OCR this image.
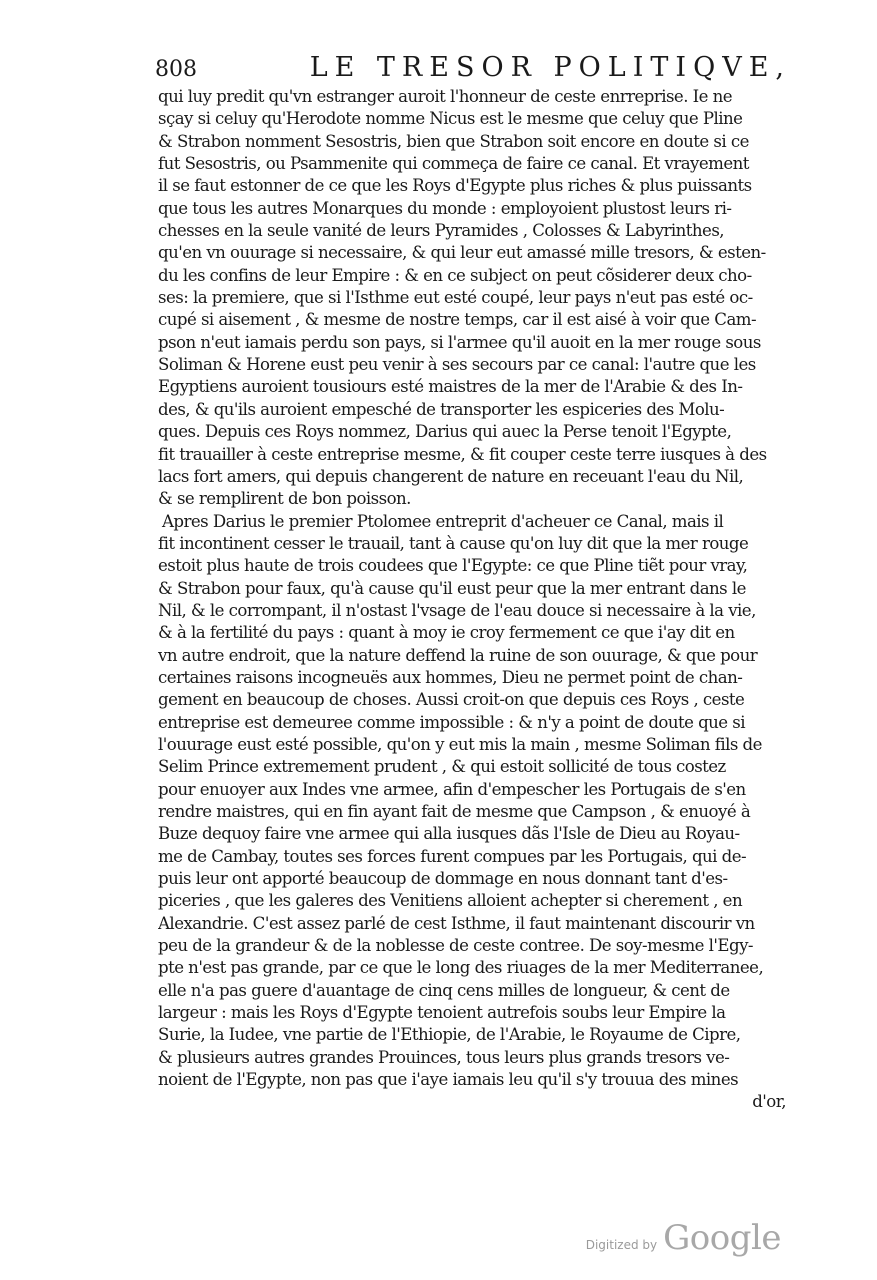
808	LE TRESOR POLITIQVE,
qui luy predit qu'vn estranger auroit l'honneur de ceste enrreprise. Ie ne
sçay si celuy qu'Herodote nomme Nicus est le mesme que celuy que Pline
& Strabon nomment Sesostris, bien que Strabon soit encore en doute si ce
fut Sesostris, ou Psammenite qui commeça de faire ce canal. Et vrayement
il se faut estonner de ce que les Roys d'Egypte plus riches & plus puissants
que tous les autres Monarques du monde : employoient plustost leurs ri-
chesses en la seule vanité de leurs Pyramides , Colosses & Labyrinthes,
qu'en vn ouurage si necessaire, & qui leur eut amassé mille tresors, & esten-
du les confins de leur Empire : & en ce subject on peut cõsiderer deux cho-
ses: la premiere, que si l'Isthme eut esté coupé, leur pays n'eut pas esté oc-
cupé si aisement , & mesme de nostre temps, car il est aisé à voir que Cam-
pson n'eut iamais perdu son pays, si l'armee qu'il auoit en la mer rouge sous
Soliman & Horene eust peu venir à ses secours par ce canal: l'autre que les
Egyptiens auroient tousiours esté maistres de la mer de l'Arabie & des In-
des, & qu'ils auroient empesché de transporter les espiceries des Molu-
ques. Depuis ces Roys nommez, Darius qui auec la Perse tenoit l'Egypte,
fit trauailler à ceste entreprise mesme, & fit couper ceste terre iusques à des
lacs fort amers, qui depuis changerent de nature en receuant l'eau du Nil,
& se remplirent de bon poisson.
Apres Darius le premier Ptolomee entreprit d'acheuer ce Canal, mais il
fit incontinent cesser le trauail, tant à cause qu'on luy dit que la mer rouge
estoit plus haute de trois coudees que l'Egypte: ce que Pline tiẽt pour vray,
& Strabon pour faux, qu'à cause qu'il eust peur que la mer entrant dans le
Nil, & le corrompant, il n'ostast l'vsage de l'eau douce si necessaire à la vie,
& à la fertilité du pays : quant à moy ie croy fermement ce que i'ay dit en
vn autre endroit, que la nature deffend la ruine de son ouurage, & que pour
certaines raisons incogneuës aux hommes, Dieu ne permet point de chan-
gement en beaucoup de choses. Aussi croit-on que depuis ces Roys , ceste
entreprise est demeuree comme impossible : & n'y a point de doute que si
l'ouurage eust esté possible, qu'on y eut mis la main , mesme Soliman fils de
Selim Prince extremement prudent , & qui estoit sollicité de tous costez
pour enuoyer aux Indes vne armee, afin d'empescher les Portugais de s'en
rendre maistres, qui en fin ayant fait de mesme que Campson , & enuoyé à
Buze dequoy faire vne armee qui alla iusques dãs l'Isle de Dieu au Royau-
me de Cambay, toutes ses forces furent compues par les Portugais, qui de-
puis leur ont apporté beaucoup de dommage en nous donnant tant d'es-
piceries , que les galeres des Venitiens alloient achepter si cherement , en
Alexandrie. C'est assez parlé de cest Isthme, il faut maintenant discourir vn
peu de la grandeur & de la noblesse de ceste contree. De soy-mesme l'Egy-
pte n'est pas grande, par ce que le long des riuages de la mer Mediterranee,
elle n'a pas guere d'auantage de cinq cens milles de longueur, & cent de
largeur : mais les Roys d'Egypte tenoient autrefois soubs leur Empire la
Surie, la Iudee, vne partie de l'Ethiopie, de l'Arabie, le Royaume de Cipre,
& plusieurs autres grandes Prouinces, tous leurs plus grands tresors ve-
noient de l'Egypte, non pas que i'aye iamais leu qu'il s'y trouua des mines
d'or,
Digitized by Google
